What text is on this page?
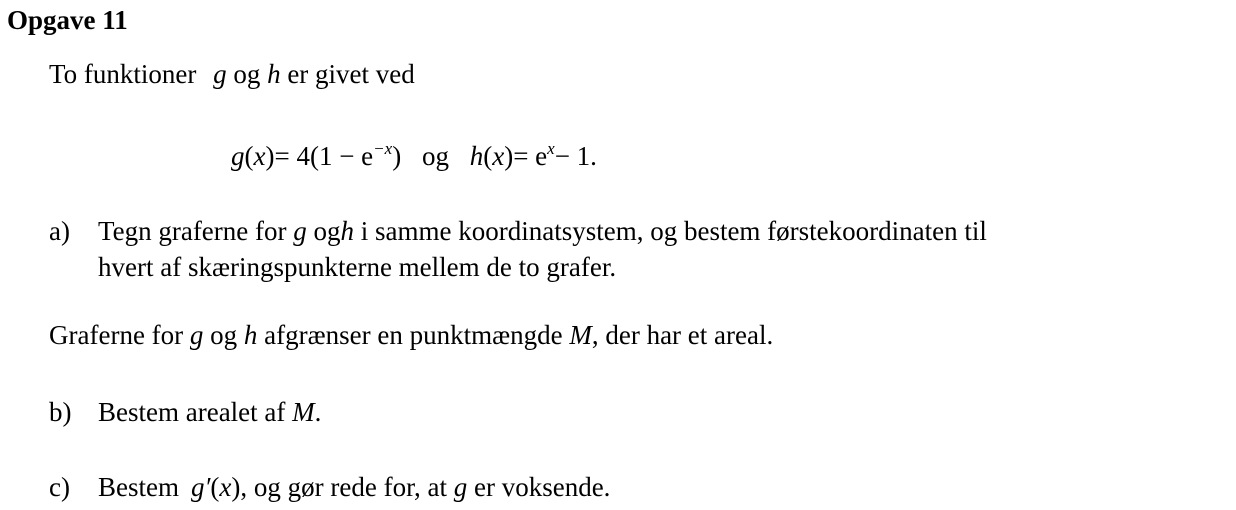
Opgave 11
To funktioner g og h er givet ved
$g(x)= 4(1 - e^{-x})$ og $h(x)= e^x- 1$.
a) Tegn graferne for g ogh i samme koordinatsystem, og bestem førstekoordinaten til
hvert af skæringspunkterne mellem de to grafer.
Graferne for g og h afgrænser en punktmængde M, der har et areal.
b) Bestem arealet af M.
c) Bestem g′(x), og gør rede for, at g er voksende.
